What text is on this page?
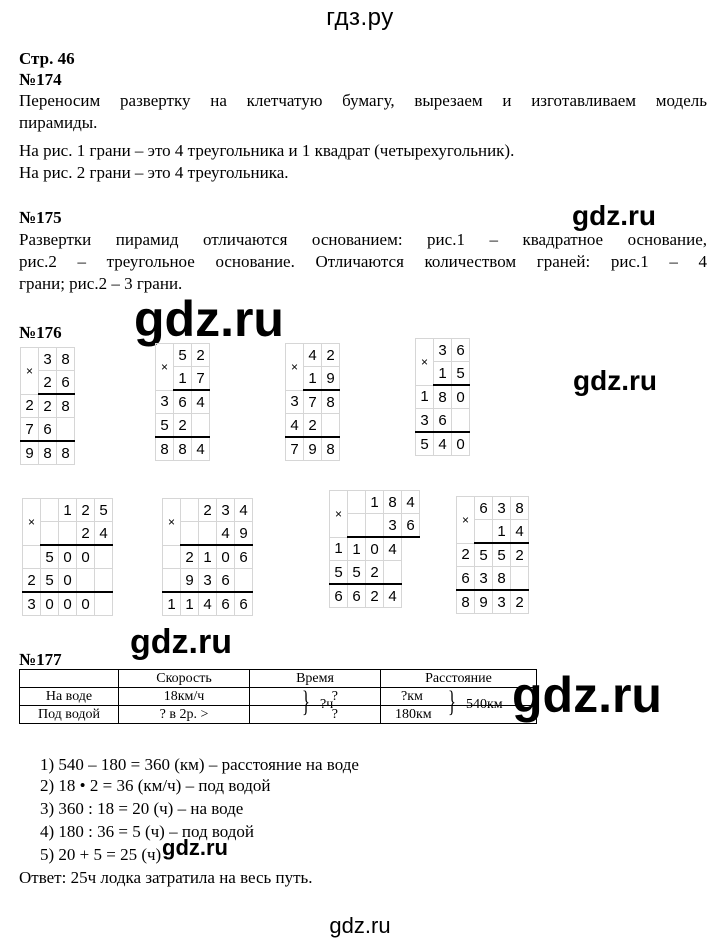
гдз.ру
Стр. 46
№174
Переносим развертку на клетчатую бумагу, вырезаем и изготавливаем модель
пирамиды.
На рис. 1 грани – это 4 треугольника и 1 квадрат (четырехугольник).
На рис. 2 грани – это 4 треугольника.
№175	gdz.ru
Развертки пирамид отличаются основанием: рис.1 – квадратное основание,
рис.2 – треугольное основание. Отличаются количеством граней: рис.1 – 4
грани; рис.2 – 3 грани.
№176 gdz.ru
gdz.ru
×	3	8
	2	6
2	2	8
7	6	
9	8	8
×	5	2
	1	7
3	6	4
5	2	
8	8	4
×	4	2
	1	9
3	7	8
4	2	
7	9	8
×	3	6
	1	5
1	8	0
3	6	
5	4	0
×		1	2	5
			2	4
	5	0	0	
2	5	0		
3	0	0	0	
×		2	3	4
			4	9
	2	1	0	6
	9	3	6	
1	1	4	6	6
×		1	8	4
			3	6
1	1	0	4	
5	5	2		
6	6	2	4	
×	6	3	8
		1	4
2	5	5	2
6	3	8	
8	9	3	2
gdz.ru
№177
	Скорость	Время	Расстояние
На воде	18км/ч	?	?км
Под водой	? в 2р. >	?	180км
} ?ч	} 540км gdz.ru
1) 540 – 180 = 360 (км) – расстояние на воде
2) 18 • 2 = 36 (км/ч) – под водой
3) 360 : 18 = 20 (ч) – на воде
4) 180 : 36 = 5 (ч) – под водой
5) 20 + 5 = 25 (ч) gdz.ru
Ответ: 25ч лодка затратила на весь путь.
gdz.ru
